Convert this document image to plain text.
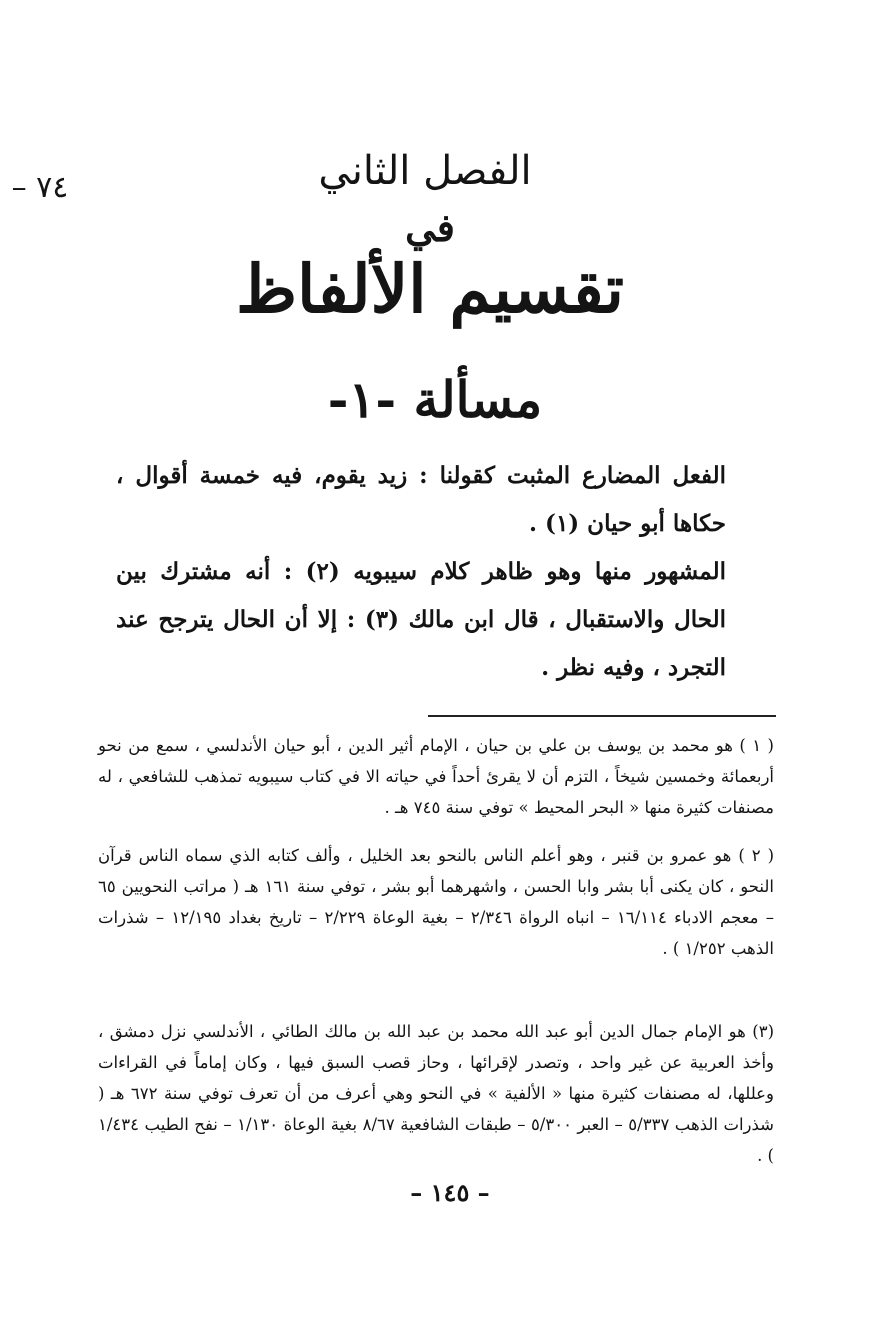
٧٤ –	الفصل الثاني
في
تقسيم الألفاظ
مسألة -١-
الفعل المضارع المثبت كقولنا : زيد يقوم، فيه خمسة أقوال ، حكاها أبو حيان (١) .
المشهور منها وهو ظاهر كلام سيبويه (٢) : أنه مشترك بين الحال والاستقبال ، قال ابن مالك (٣) : إلا أن الحال يترجح عند التجرد ، وفيه نظر .
( ١ ) هو محمد بن يوسف بن علي بن حيان ، الإمام أثير الدين ، أبو حيان الأندلسي ، سمع من نحو أربعمائة وخمسين شيخاً ، التزم أن لا يقرئ أحداً في حياته الا في كتاب سيبويه تمذهب للشافعي ، له مصنفات كثيرة منها « البحر المحيط » توفي سنة ٧٤٥ هـ .
( ٢ ) هو عمرو بن قنبر ، وهو أعلم الناس بالنحو بعد الخليل ، وألف كتابه الذي سماه الناس قرآن النحو ، كان يكنى أبا بشر وابا الحسن ، واشهرهما أبو بشر ، توفي سنة ١٦١ هـ ( مراتب النحويين ٦٥ – معجم الادباء ١٦/١١٤ – انباه الرواة ٢/٣٤٦ – بغية الوعاة ٢/٢٢٩ – تاريخ بغداد ١٢/١٩٥ – شذرات الذهب ١/٢٥٢ ) .
(٣) هو الإمام جمال الدين أبو عبد الله محمد بن عبد الله بن مالك الطائي ، الأندلسي نزل دمشق ، وأخذ العربية عن غير واحد ، وتصدر لإقرائها ، وحاز قصب السبق فيها ، وكان إماماً في القراءات وعللها، له مصنفات كثيرة منها « الألفية » في النحو وهي أعرف من أن تعرف توفي سنة ٦٧٢ هـ ( شذرات الذهب ٥/٣٣٧ – العبر ٥/٣٠٠ – طبقات الشافعية ٨/٦٧ بغية الوعاة ١/١٣٠ – نفح الطيب ١/٤٣٤ ) .
– ١٤٥ –
